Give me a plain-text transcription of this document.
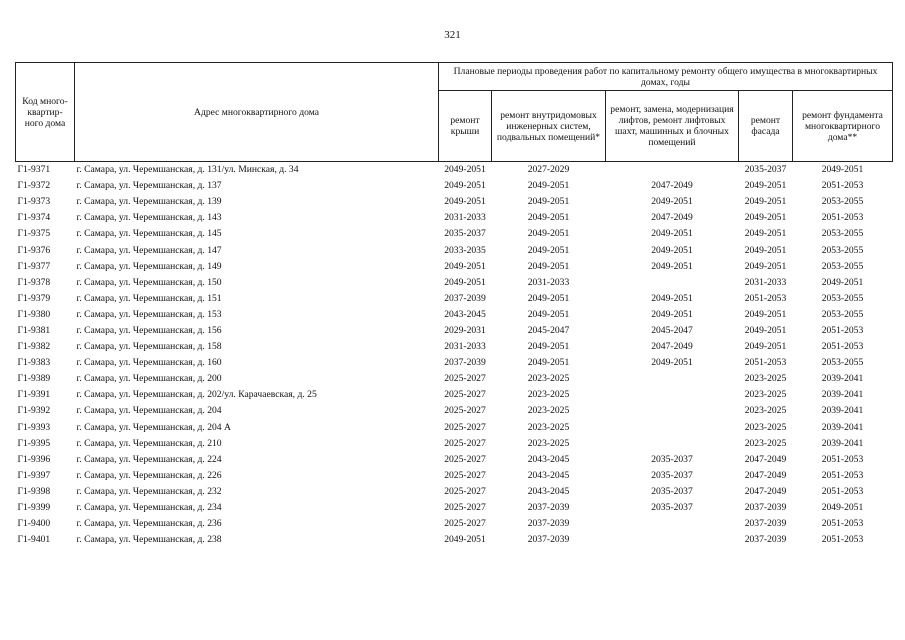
321
Код много-
квартир-
ного дома	Адрес многоквартирного дома	Плановые периоды проведения работ по капитальному ремонту общего имущества в многоквартирных домах, годы				
		ремонт крыши	ремонт внутридомовых инженерных систем, подвальных помещений*	ремонт, замена, модернизация лифтов, ремонт лифтовых шахт, машинных и блочных помещений	ремонт фасада	ремонт фундамента многоквартирного дома**
Г1-9371	г. Самара, ул. Черемшанская, д. 131/ул. Минская, д. 34	2049-2051	2027-2029		2035-2037	2049-2051
Г1-9372	г. Самара, ул. Черемшанская, д. 137	2049-2051	2049-2051	2047-2049	2049-2051	2051-2053
Г1-9373	г. Самара, ул. Черемшанская, д. 139	2049-2051	2049-2051	2049-2051	2049-2051	2053-2055
Г1-9374	г. Самара, ул. Черемшанская, д. 143	2031-2033	2049-2051	2047-2049	2049-2051	2051-2053
Г1-9375	г. Самара, ул. Черемшанская, д. 145	2035-2037	2049-2051	2049-2051	2049-2051	2053-2055
Г1-9376	г. Самара, ул. Черемшанская, д. 147	2033-2035	2049-2051	2049-2051	2049-2051	2053-2055
Г1-9377	г. Самара, ул. Черемшанская, д. 149	2049-2051	2049-2051	2049-2051	2049-2051	2053-2055
Г1-9378	г. Самара, ул. Черемшанская, д. 150	2049-2051	2031-2033		2031-2033	2049-2051
Г1-9379	г. Самара, ул. Черемшанская, д. 151	2037-2039	2049-2051	2049-2051	2051-2053	2053-2055
Г1-9380	г. Самара, ул. Черемшанская, д. 153	2043-2045	2049-2051	2049-2051	2049-2051	2053-2055
Г1-9381	г. Самара, ул. Черемшанская, д. 156	2029-2031	2045-2047	2045-2047	2049-2051	2051-2053
Г1-9382	г. Самара, ул. Черемшанская, д. 158	2031-2033	2049-2051	2047-2049	2049-2051	2051-2053
Г1-9383	г. Самара, ул. Черемшанская, д. 160	2037-2039	2049-2051	2049-2051	2051-2053	2053-2055
Г1-9389	г. Самара, ул. Черемшанская, д. 200	2025-2027	2023-2025		2023-2025	2039-2041
Г1-9391	г. Самара, ул. Черемшанская, д. 202/ул. Карачаевская, д. 25	2025-2027	2023-2025		2023-2025	2039-2041
Г1-9392	г. Самара, ул. Черемшанская, д. 204	2025-2027	2023-2025		2023-2025	2039-2041
Г1-9393	г. Самара, ул. Черемшанская, д. 204 А	2025-2027	2023-2025		2023-2025	2039-2041
Г1-9395	г. Самара, ул. Черемшанская, д. 210	2025-2027	2023-2025		2023-2025	2039-2041
Г1-9396	г. Самара, ул. Черемшанская, д. 224	2025-2027	2043-2045	2035-2037	2047-2049	2051-2053
Г1-9397	г. Самара, ул. Черемшанская, д. 226	2025-2027	2043-2045	2035-2037	2047-2049	2051-2053
Г1-9398	г. Самара, ул. Черемшанская, д. 232	2025-2027	2043-2045	2035-2037	2047-2049	2051-2053
Г1-9399	г. Самара, ул. Черемшанская, д. 234	2025-2027	2037-2039	2035-2037	2037-2039	2049-2051
Г1-9400	г. Самара, ул. Черемшанская, д. 236	2025-2027	2037-2039		2037-2039	2051-2053
Г1-9401	г. Самара, ул. Черемшанская, д. 238	2049-2051	2037-2039		2037-2039	2051-2053
